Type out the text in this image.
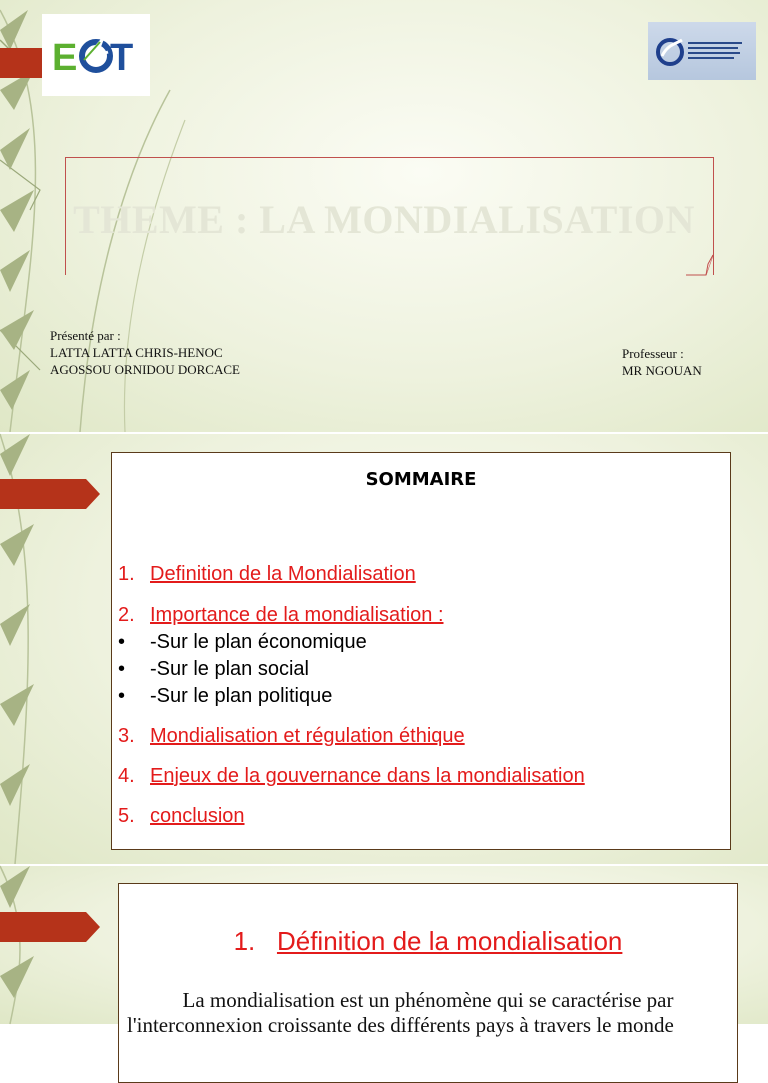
E T
THEME : LA MONDIALISATION
Présenté par :
LATTA LATTA CHRIS-HENOC
AGOSSOU ORNIDOU DORCACE
Professeur :
MR NGOUAN
SOMMAIRE
1. Definition de la Mondialisation
2. Importance de la mondialisation :
• -Sur le plan économique
• -Sur le plan social
• -Sur le plan politique
3. Mondialisation et régulation éthique
4. Enjeux de la gouvernance dans la mondialisation
5. conclusion
1. Définition de la mondialisation
La mondialisation est un phénomène qui se caractérise par
l'interconnexion croissante des différents pays à travers le monde
